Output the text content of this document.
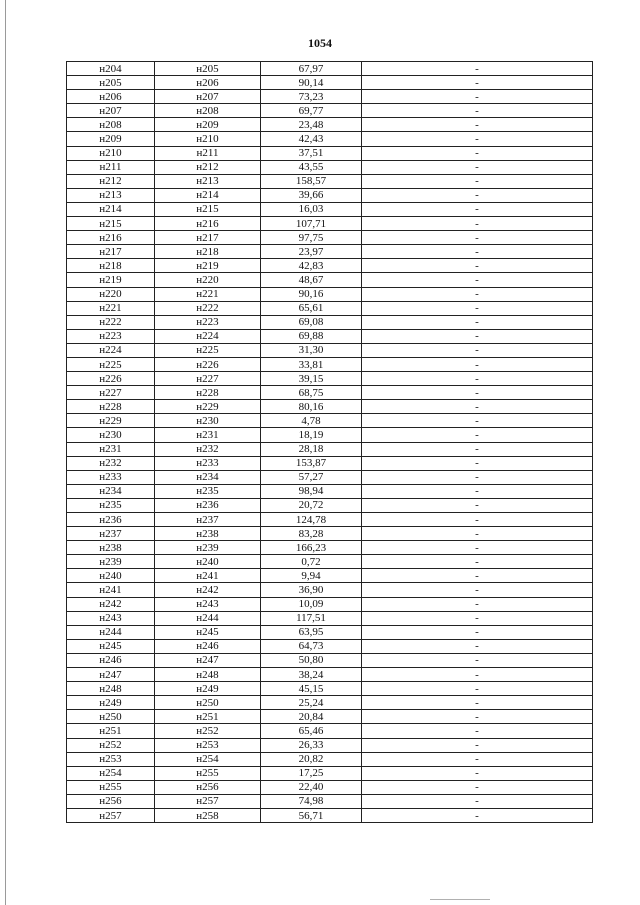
1054
н204	н205	67,97	-
н205	н206	90,14	-
н206	н207	73,23	-
н207	н208	69,77	-
н208	н209	23,48	-
н209	н210	42,43	-
н210	н211	37,51	-
н211	н212	43,55	-
н212	н213	158,57	-
н213	н214	39,66	-
н214	н215	16,03	-
н215	н216	107,71	-
н216	н217	97,75	-
н217	н218	23,97	-
н218	н219	42,83	-
н219	н220	48,67	-
н220	н221	90,16	-
н221	н222	65,61	-
н222	н223	69,08	-
н223	н224	69,88	-
н224	н225	31,30	-
н225	н226	33,81	-
н226	н227	39,15	-
н227	н228	68,75	-
н228	н229	80,16	-
н229	н230	4,78	-
н230	н231	18,19	-
н231	н232	28,18	-
н232	н233	153,87	-
н233	н234	57,27	-
н234	н235	98,94	-
н235	н236	20,72	-
н236	н237	124,78	-
н237	н238	83,28	-
н238	н239	166,23	-
н239	н240	0,72	-
н240	н241	9,94	-
н241	н242	36,90	-
н242	н243	10,09	-
н243	н244	117,51	-
н244	н245	63,95	-
н245	н246	64,73	-
н246	н247	50,80	-
н247	н248	38,24	-
н248	н249	45,15	-
н249	н250	25,24	-
н250	н251	20,84	-
н251	н252	65,46	-
н252	н253	26,33	-
н253	н254	20,82	-
н254	н255	17,25	-
н255	н256	22,40	-
н256	н257	74,98	-
н257	н258	56,71	-
